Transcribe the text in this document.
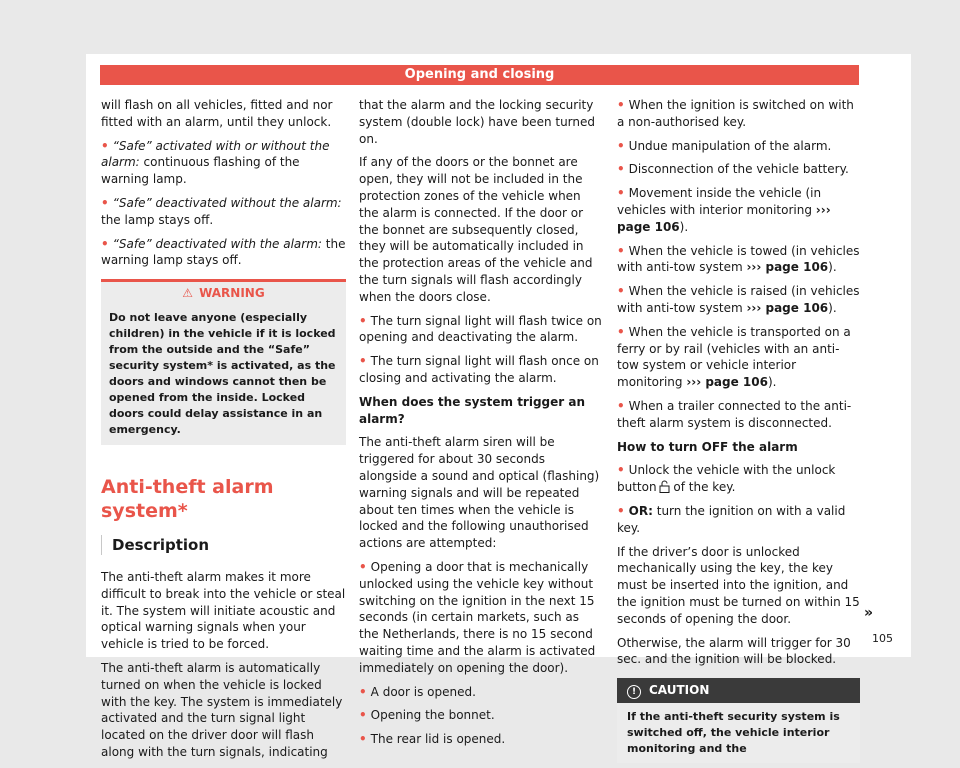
Opening and closing

will flash on all vehicles, fitted and nor fitted with an alarm, until they unlock.

• “Safe” activated with or without the alarm: continuous flashing of the warning lamp.

• “Safe” deactivated without the alarm: the lamp stays off.

• “Safe” deactivated with the alarm: the warning lamp stays off.

⚠ WARNING
Do not leave anyone (especially children) in the vehicle if it is locked from the outside and the “Safe” security system* is activated, as the doors and windows cannot then be opened from the inside. Locked doors could delay assistance in an emergency.
Anti-theft alarm system*
Description

The anti-theft alarm makes it more difficult to break into the vehicle or steal it. The system will initiate acoustic and optical warning signals when your vehicle is tried to be forced.

The anti-theft alarm is automatically turned on when the vehicle is locked with the key. The system is immediately activated and the turn signal light located on the driver door will flash along with the turn signals, indicating

that the alarm and the locking security system (double lock) have been turned on.

If any of the doors or the bonnet are open, they will not be included in the protection zones of the vehicle when the alarm is connected. If the door or the bonnet are subsequently closed, they will be automatically included in the protection areas of the vehicle and the turn signals will flash accordingly when the doors close.

• The turn signal light will flash twice on opening and deactivating the alarm.

• The turn signal light will flash once on closing and activating the alarm.

When does the system trigger an alarm?

The anti-theft alarm siren will be triggered for about 30 seconds alongside a sound and optical (flashing) warning signals and will be repeated about ten times when the vehicle is locked and the following unauthorised actions are attempted:

• Opening a door that is mechanically unlocked using the vehicle key without switching on the ignition in the next 15 seconds (in certain markets, such as the Netherlands, there is no 15 second waiting time and the alarm is activated immediately on opening the door).

• A door is opened.

• Opening the bonnet.

• The rear lid is opened.

• When the ignition is switched on with a non-authorised key.

• Undue manipulation of the alarm.

• Disconnection of the vehicle battery.

• Movement inside the vehicle (in vehicles with interior monitoring ››› page 106).

• When the vehicle is towed (in vehicles with anti-tow system ››› page 106).

• When the vehicle is raised (in vehicles with anti-tow system ››› page 106).

• When the vehicle is transported on a ferry or by rail (vehicles with an anti-tow system or vehicle interior monitoring ››› page 106).

• When a trailer connected to the anti-theft alarm system is disconnected.

How to turn OFF the alarm

• Unlock the vehicle with the unlock button of the key.

• OR: turn the ignition on with a valid key.

If the driver’s door is unlocked mechanically using the key, the key must be inserted into the ignition, and the ignition must be turned on within 15 seconds of opening the door.

Otherwise, the alarm will trigger for 30 sec. and the ignition will be blocked.

! CAUTION
If the anti-theft security system is switched off, the vehicle interior monitoring and the
»
105
